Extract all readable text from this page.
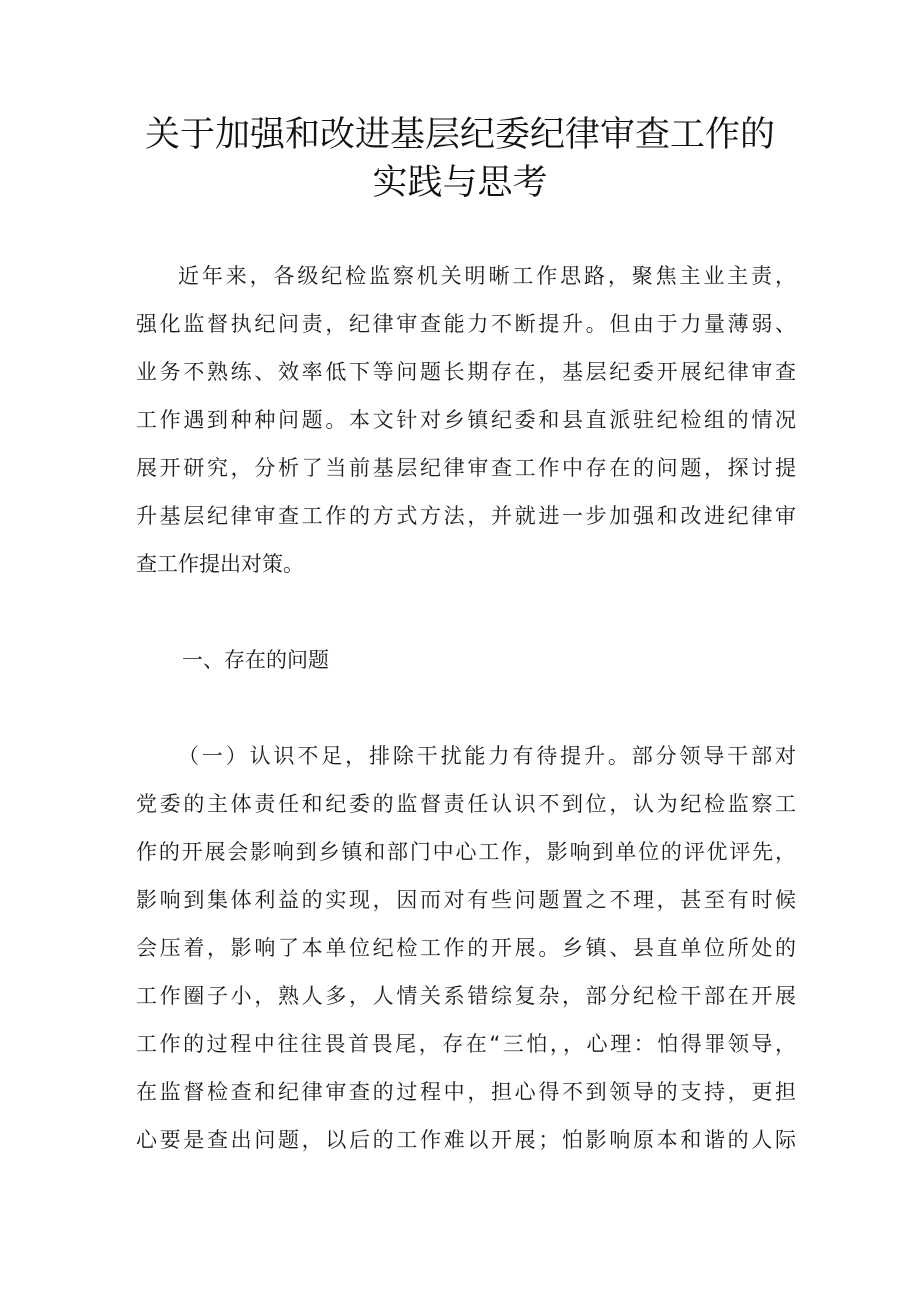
关于加强和改进基层纪委纪律审查工作的
实践与思考
近年来，各级纪检监察机关明晰工作思路，聚焦主业主责，
强化监督执纪问责，纪律审查能力不断提升。但由于力量薄弱、
业务不熟练、效率低下等问题长期存在，基层纪委开展纪律审查
工作遇到种种问题。本文针对乡镇纪委和县直派驻纪检组的情况
展开研究，分析了当前基层纪律审查工作中存在的问题，探讨提
升基层纪律审查工作的方式方法，并就进一步加强和改进纪律审
查工作提出对策。
一、存在的问题
（一）认识不足，排除干扰能力有待提升。部分领导干部对
党委的主体责任和纪委的监督责任认识不到位，认为纪检监察工
作的开展会影响到乡镇和部门中心工作，影响到单位的评优评先，
影响到集体利益的实现，因而对有些问题置之不理，甚至有时候
会压着，影响了本单位纪检工作的开展。乡镇、县直单位所处的
工作圈子小，熟人多，人情关系错综复杂，部分纪检干部在开展
工作的过程中往往畏首畏尾，存在“三怕，，心理：怕得罪领导，
在监督检查和纪律审查的过程中，担心得不到领导的支持，更担
心要是查出问题，以后的工作难以开展；怕影响原本和谐的人际
